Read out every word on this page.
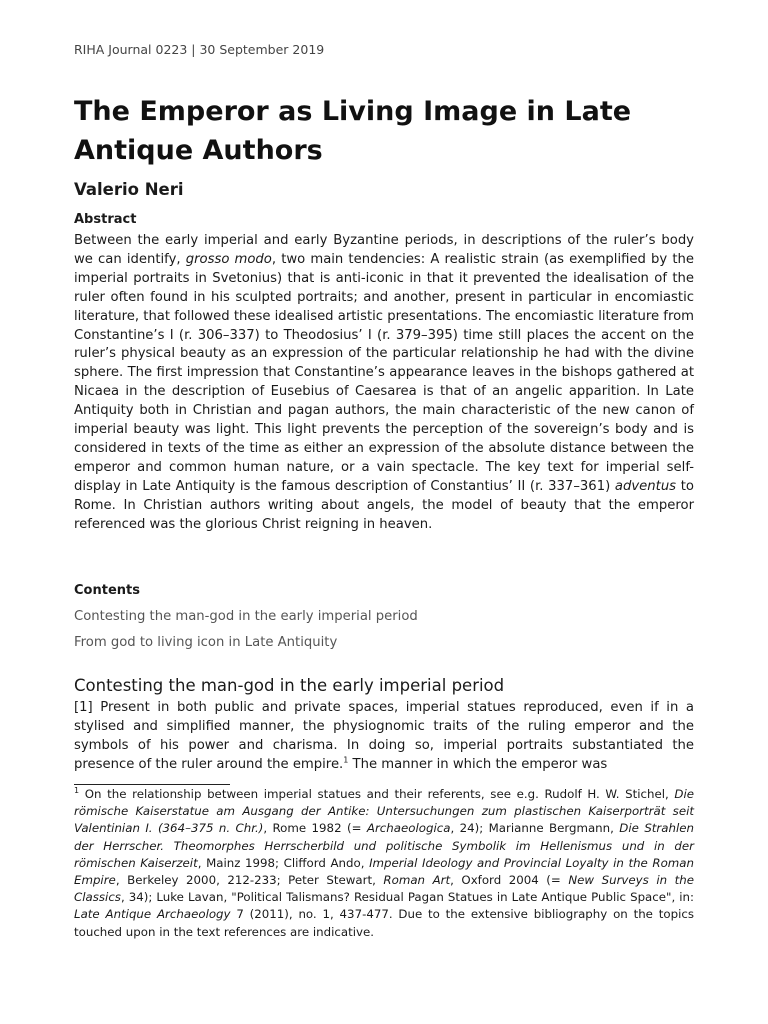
RIHA Journal 0223 | 30 September 2019
The Emperor as Living Image in Late Antique Authors
Valerio Neri
Abstract

Between the early imperial and early Byzantine periods, in descriptions of the ruler’s body we can identify, grosso modo, two main tendencies: A realistic strain (as exemplified by the imperial portraits in Svetonius) that is anti-iconic in that it prevented the idealisation of the ruler often found in his sculpted portraits; and another, present in particular in encomiastic literature, that followed these idealised artistic presentations. The encomiastic literature from Constantine’s I (r. 306–337) to Theodosius’ I (r. 379–395) time still places the accent on the ruler’s physical beauty as an expression of the particular relationship he had with the divine sphere. The first impression that Constantine’s appearance leaves in the bishops gathered at Nicaea in the description of Eusebius of Caesarea is that of an angelic apparition. In Late Antiquity both in Christian and pagan authors, the main characteristic of the new canon of imperial beauty was light. This light prevents the perception of the sovereign’s body and is considered in texts of the time as either an expression of the absolute distance between the emperor and common human nature, or a vain spectacle. The key text for imperial self-display in Late Antiquity is the famous description of Constantius’ II (r. 337–361) adventus to Rome. In Christian authors writing about angels, the model of beauty that the emperor referenced was the glorious Christ reigning in heaven.

Contents
Contesting the man-god in the early imperial period
From god to living icon in Late Antiquity
Contesting the man-god in the early imperial period

[1] Present in both public and private spaces, imperial statues reproduced, even if in a stylised and simplified manner, the physiognomic traits of the ruling emperor and the symbols of his power and charisma. In doing so, imperial portraits substantiated the presence of the ruler around the empire.$^1$ The manner in which the emperor was

$^1$ On the relationship between imperial statues and their referents, see e.g. Rudolf H. W. Stichel, Die römische Kaiserstatue am Ausgang der Antike: Untersuchungen zum plastischen Kaiserporträt seit Valentinian I. (364–375 n. Chr.), Rome 1982 (= Archaeologica, 24); Marianne Bergmann, Die Strahlen der Herrscher. Theomorphes Herrscherbild und politische Symbolik im Hellenismus und in der römischen Kaiserzeit, Mainz 1998; Clifford Ando, Imperial Ideology and Provincial Loyalty in the Roman Empire, Berkeley 2000, 212-233; Peter Stewart, Roman Art, Oxford 2004 (= New Surveys in the Classics, 34); Luke Lavan, "Political Talismans? Residual Pagan Statues in Late Antique Public Space", in: Late Antique Archaeology 7 (2011), no. 1, 437-477. Due to the extensive bibliography on the topics touched upon in the text references are indicative.
